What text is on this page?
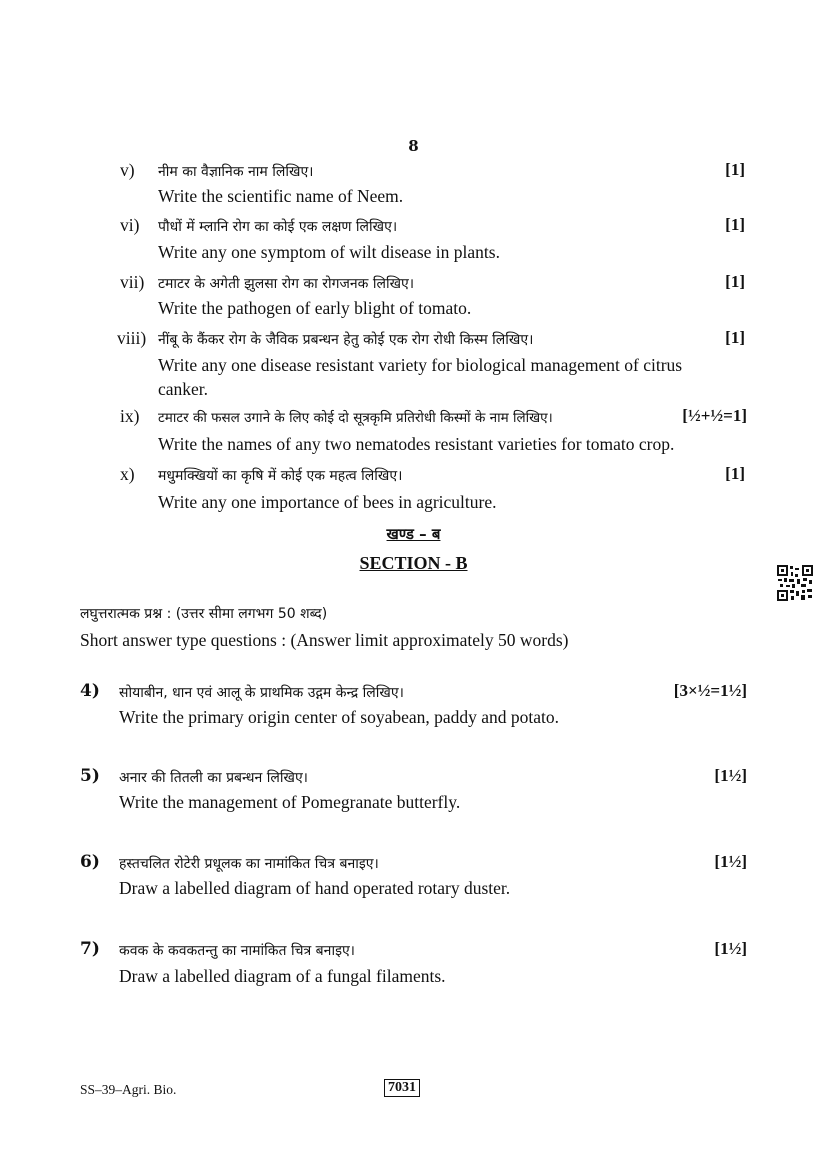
8
v) नीम का वैज्ञानिक नाम लिखिए।	[1]
Write the scientific name of Neem.
vi) पौधों में म्लानि रोग का कोई एक लक्षण लिखिए।	[1]
Write any one symptom of wilt disease in plants.
vii) टमाटर के अगेती झुलसा रोग का रोगजनक लिखिए।	[1]
Write the pathogen of early blight of tomato.
viii) नींबू के कैंकर रोग के जैविक प्रबन्धन हेतु कोई एक रोग रोधी किस्म लिखिए।	[1]
Write any one disease resistant variety for biological management of citrus
canker.
ix) टमाटर की फसल उगाने के लिए कोई दो सूत्रकृमि प्रतिरोधी किस्मों के नाम लिखिए।	[½+½=1]
Write the names of any two nematodes resistant varieties for tomato crop.
x) मधुमक्खियों का कृषि में कोई एक महत्व लिखिए।	[1]
Write any one importance of bees in agriculture.
खण्ड – ब
SECTION - B
लघुत्तरात्मक प्रश्न : (उत्तर सीमा लगभग 50 शब्द)
Short answer type questions : (Answer limit approximately 50 words)
4) सोयाबीन, धान एवं आलू के प्राथमिक उद्गम केन्द्र लिखिए।	[3×½=1½]
Write the primary origin center of soyabean, paddy and potato.
5) अनार की तितली का प्रबन्धन लिखिए।	[1½]
Write the management of Pomegranate butterfly.
6) हस्तचलित रोटेरी प्रधूलक का नामांकित चित्र बनाइए।	[1½]
Draw a labelled diagram of hand operated rotary duster.
7) कवक के कवकतन्तु का नामांकित चित्र बनाइए।	[1½]
Draw a labelled diagram of a fungal filaments.
SS–39–Agri. Bio.	7031
